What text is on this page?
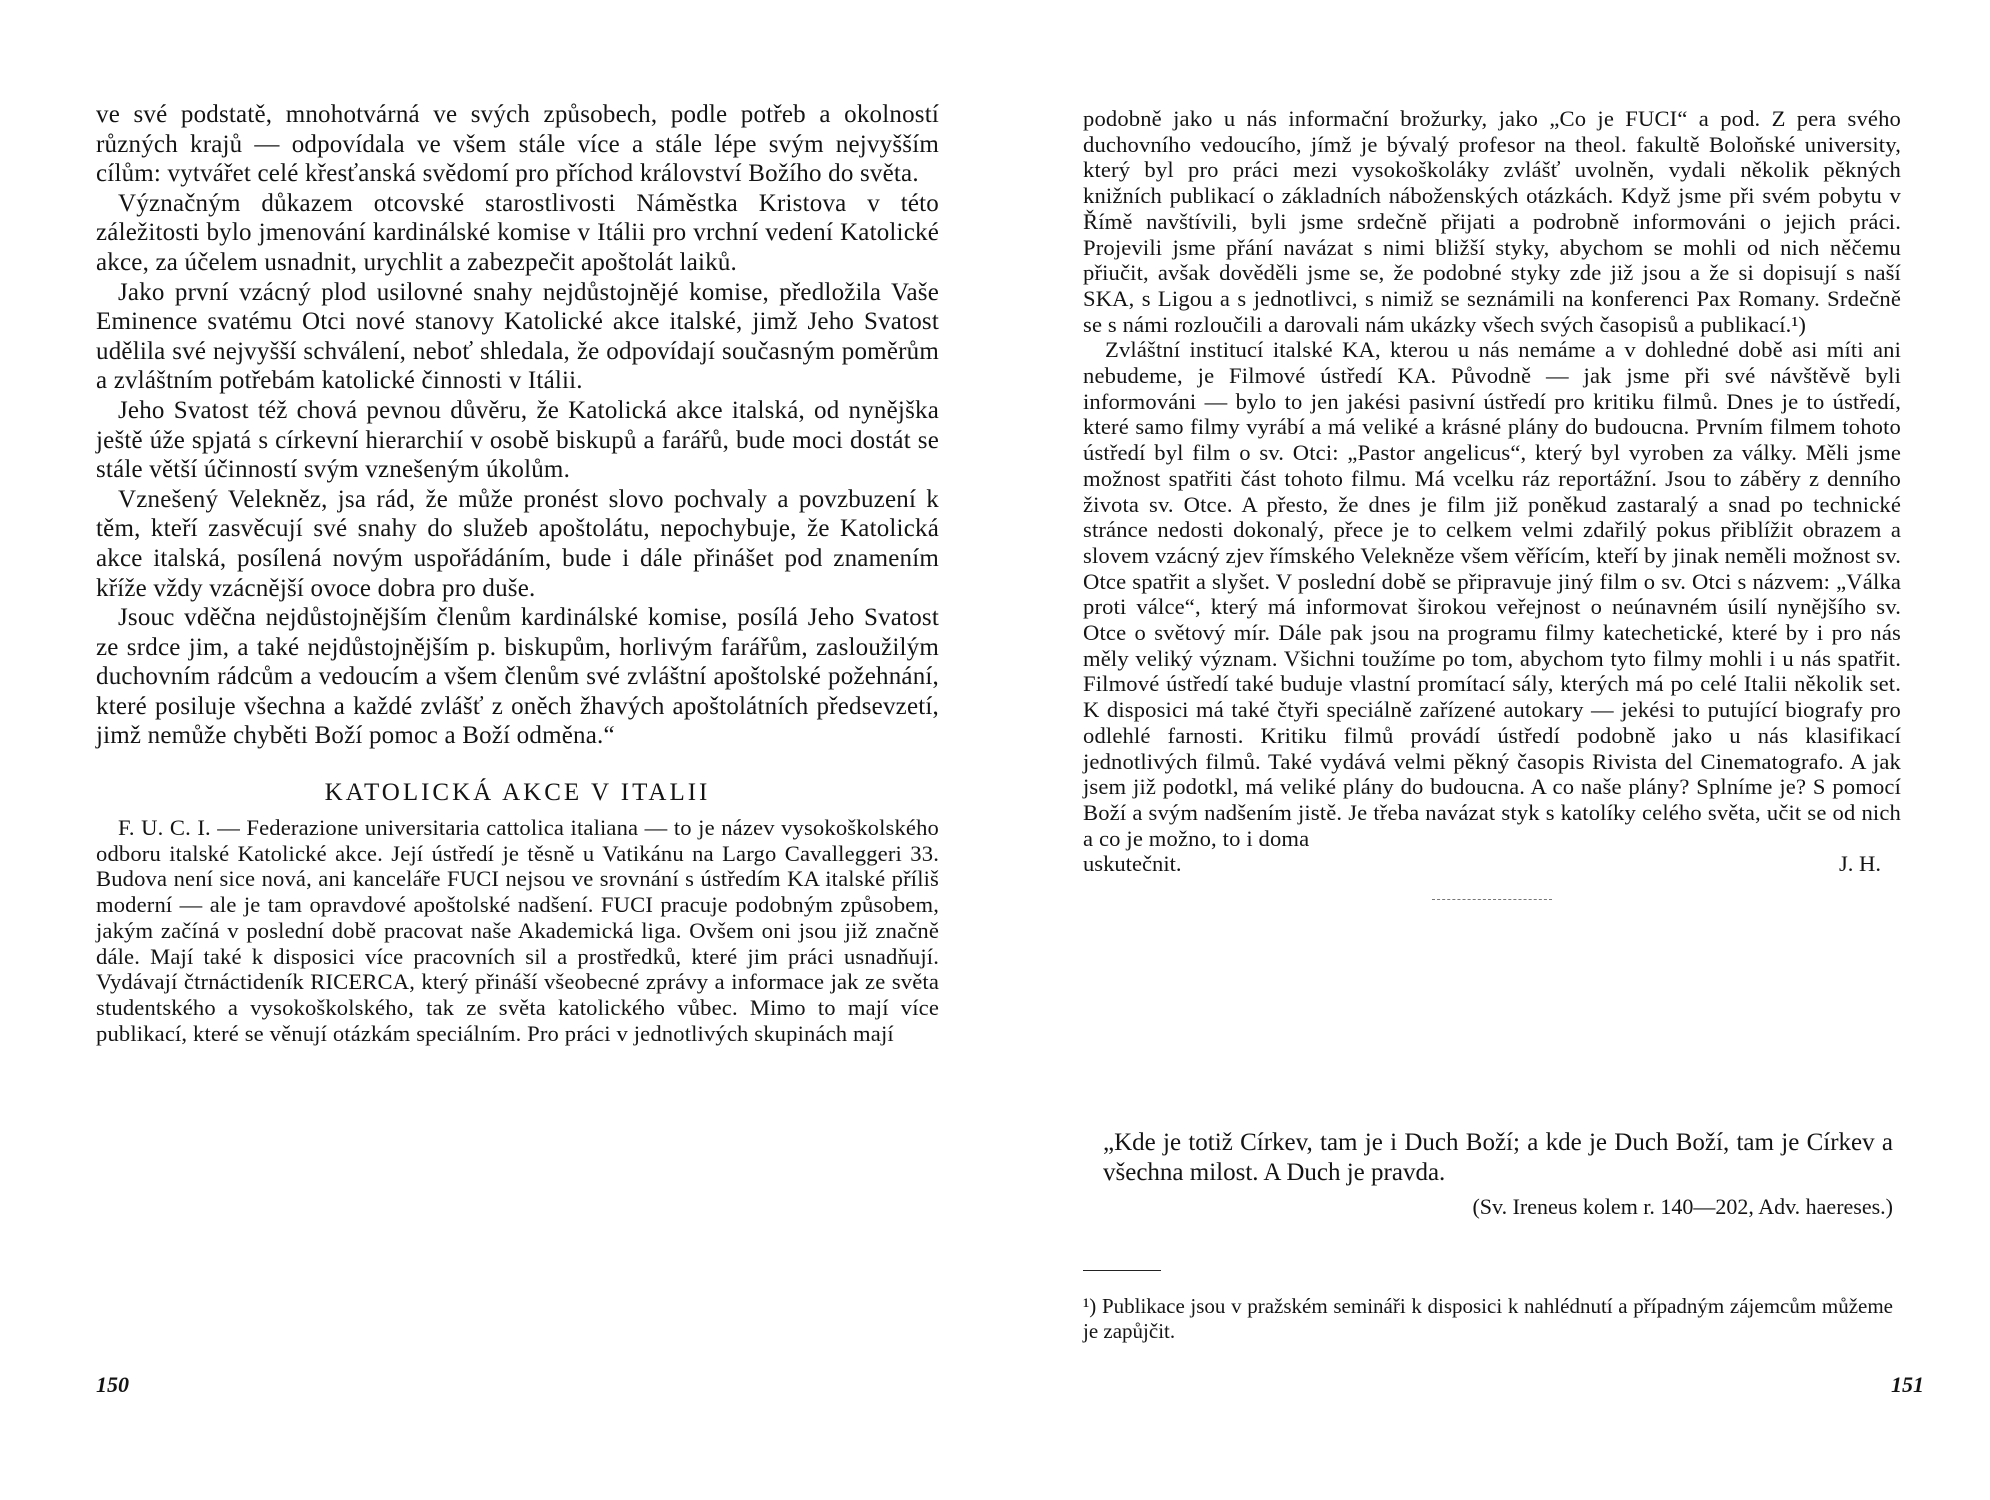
ve své podstatě, mnohotvárná ve svých způsobech, podle potřeb a okolností různých krajů — odpovídala ve všem stále více a stále lépe svým nejvyšším cílům: vytvářet celé křesťanská svědomí pro příchod království Božího do světa.

Význačným důkazem otcovské starostlivosti Náměstka Kristova v této záležitosti bylo jmenování kardinálské komise v Itálii pro vrchní vedení Katolické akce, za účelem usnadnit, urychlit a zabezpečit apoštolát laiků.

Jako první vzácný plod usilovné snahy nejdůstojnějé komise, předložila Vaše Eminence svatému Otci nové stanovy Katolické akce italské, jimž Jeho Svatost udělila své nejvyšší schválení, neboť shledala, že odpovídají současným poměrům a zvláštním potřebám katolické činnosti v Itálii.

Jeho Svatost též chová pevnou důvěru, že Katolická akce italská, od nynějška ještě úže spjatá s církevní hierarchií v osobě biskupů a farářů, bude moci dostát se stále větší účinností svým vznešeným úkolům.

Vznešený Velekněz, jsa rád, že může pronést slovo pochvaly a povzbuzení k těm, kteří zasvěcují své snahy do služeb apoštolátu, nepochybuje, že Katolická akce italská, posílená novým uspořádáním, bude i dále přinášet pod znamením kříže vždy vzácnější ovoce dobra pro duše.

Jsouc vděčna nejdůstojnějším členům kardinálské komise, posílá Jeho Svatost ze srdce jim, a také nejdůstojnějším p. biskupům, horlivým farářům, zasloužilým duchovním rádcům a vedoucím a všem členům své zvláštní apoštolské požehnání, které posiluje všechna a každé zvlášť z oněch žhavých apoštolátních předsevzetí, jimž nemůže chyběti Boží pomoc a Boží odměna.“

KATOLICKÁ AKCE V ITALII

F. U. C. I. — Federazione universitaria cattolica italiana — to je název vysokoškolského odboru italské Katolické akce. Její ústředí je těsně u Vatikánu na Largo Cavalleggeri 33. Budova není sice nová, ani kanceláře FUCI nejsou ve srovnání s ústředím KA italské příliš moderní — ale je tam opravdové apoštolské nadšení. FUCI pracuje podobným způsobem, jakým začíná v poslední době pracovat naše Akademická liga. Ovšem oni jsou již značně dále. Mají také k disposici více pracovních sil a prostředků, které jim práci usnadňují. Vydávají čtrnáctideník RICERCA, který přináší všeobecné zprávy a informace jak ze světa studentského a vysokoškolského, tak ze světa katolického vůbec. Mimo to mají více publikací, které se věnují otázkám speciálním. Pro práci v jednotlivých skupinách mají

150

podobně jako u nás informační brožurky, jako „Co je FUCI“ a pod. Z pera svého duchovního vedoucího, jímž je bývalý profesor na theol. fakultě Boloňské university, který byl pro práci mezi vysokoškoláky zvlášť uvolněn, vydali několik pěkných knižních publikací o základních náboženských otázkách. Když jsme při svém pobytu v Římě navštívili, byli jsme srdečně přijati a podrobně informováni o jejich práci. Projevili jsme přání navázat s nimi bližší styky, abychom se mohli od nich něčemu přiučit, avšak dověděli jsme se, že podobné styky zde již jsou a že si dopisují s naší SKA, s Ligou a s jednotlivci, s nimiž se seznámili na konferenci Pax Romany. Srdečně se s námi rozloučili a darovali nám ukázky všech svých časopisů a publikací.¹)

Zvláštní institucí italské KA, kterou u nás nemáme a v dohledné době asi míti ani nebudeme, je Filmové ústředí KA. Původně — jak jsme při své návštěvě byli informováni — bylo to jen jakési pasivní ústředí pro kritiku filmů. Dnes je to ústředí, které samo filmy vyrábí a má veliké a krásné plány do budoucna. Prvním filmem tohoto ústředí byl film o sv. Otci: „Pastor angelicus“, který byl vyroben za války. Měli jsme možnost spatřiti část tohoto filmu. Má vcelku ráz reportážní. Jsou to záběry z denního života sv. Otce. A přesto, že dnes je film již poněkud zastaralý a snad po technické stránce nedosti dokonalý, přece je to celkem velmi zdařilý pokus přiblížit obrazem a slovem vzácný zjev římského Velekněze všem věřícím, kteří by jinak neměli možnost sv. Otce spatřit a slyšet. V poslední době se připravuje jiný film o sv. Otci s názvem: „Válka proti válce“, který má informovat širokou veřejnost o neúnavném úsilí nynějšího sv. Otce o světový mír. Dále pak jsou na programu filmy katechetické, které by i pro nás měly veliký význam. Všichni toužíme po tom, abychom tyto filmy mohli i u nás spatřit. Filmové ústředí také buduje vlastní promítací sály, kterých má po celé Italii několik set. K disposici má také čtyři speciálně zařízené autokary — jekési to putující biografy pro odlehlé farnosti. Kritiku filmů provádí ústředí podobně jako u nás klasifikací jednotlivých filmů. Také vydává velmi pěkný časopis Rivista del Cinematografo. A jak jsem již podotkl, má veliké plány do budoucna. A co naše plány? Splníme je? S pomocí Boží a svým nadšením jistě. Je třeba navázat styk s katolíky celého světa, učit se od nich a co je možno, to i doma

uskutečnit.	J. H.

„Kde je totiž Církev, tam je i Duch Boží; a kde je Duch Boží, tam je Církev a všechna milost. A Duch je pravda.

(Sv. Ireneus kolem r. 140—202, Adv. haereses.)

¹) Publikace jsou v pražském semináři k disposici k nahlédnutí a případným zájemcům můžeme je zapůjčit.

151
